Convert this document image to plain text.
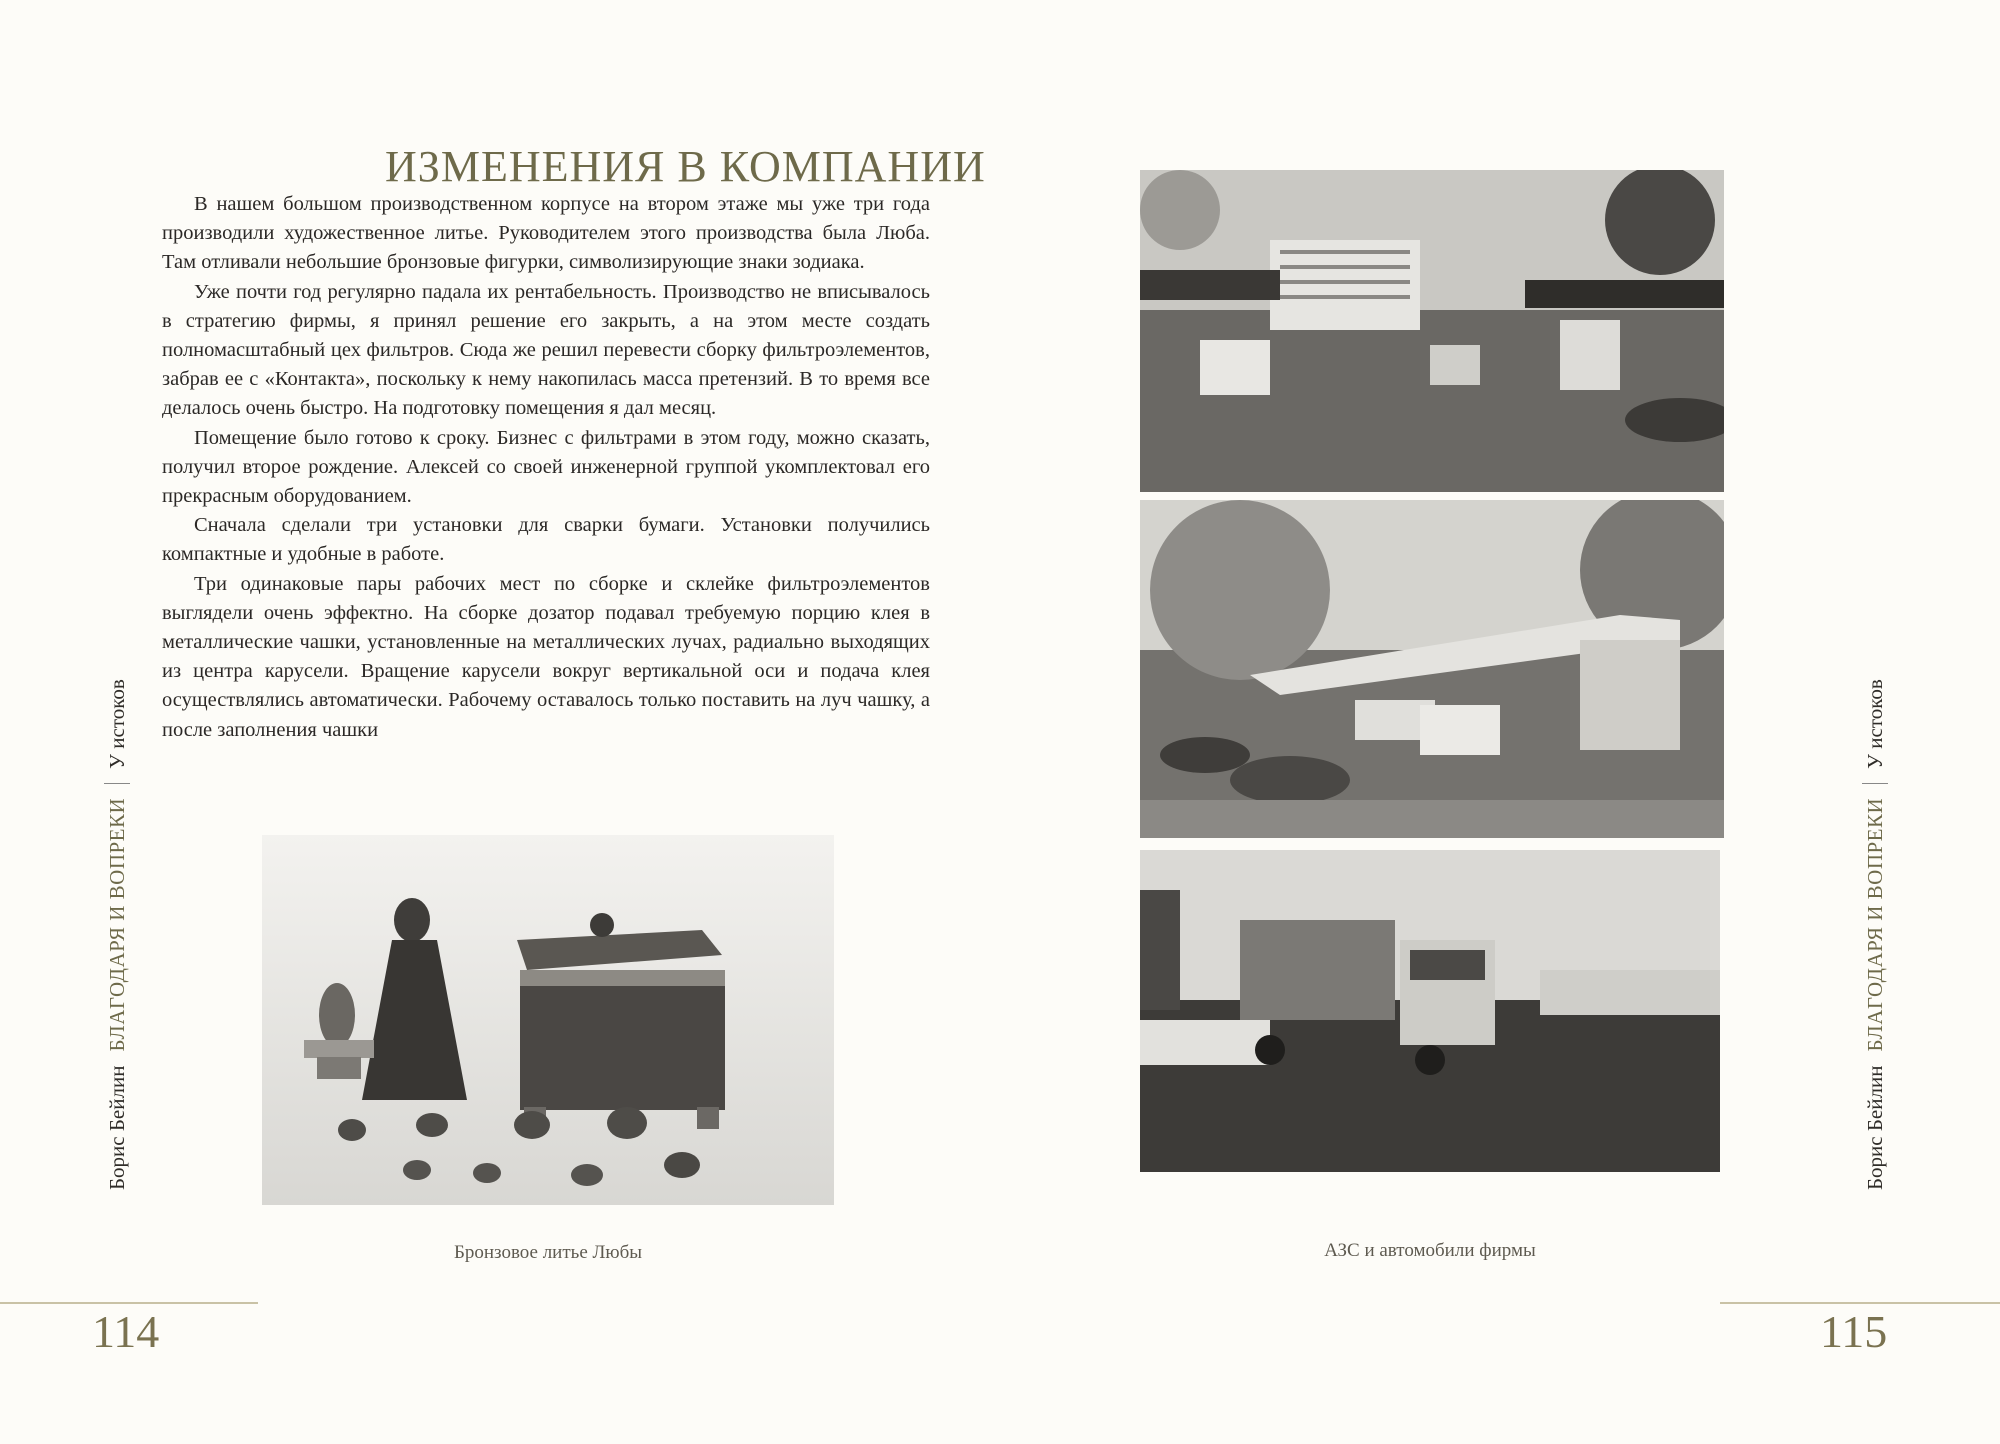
ИЗМЕНЕНИЯ В КОМПАНИИ

В нашем большом производственном корпусе на втором этаже мы уже три года производили художественное литье. Руководителем этого производства была Люба. Там отливали небольшие бронзовые фигурки, символизирующие знаки зодиака.

Уже почти год регулярно падала их рентабельность. Производство не вписывалось в стратегию фирмы, я принял решение его закрыть, а на этом месте создать полномасштабный цех фильтров. Сюда же решил перевести сборку фильтроэлементов, забрав ее с «Контакта», поскольку к нему накопилась масса претензий. В то время все делалось очень быстро. На подготовку помещения я дал месяц.

Помещение было готово к сроку. Бизнес с фильтрами в этом году, можно сказать, получил второе рождение. Алексей со своей инженерной группой укомплектовал его прекрасным оборудованием.

Сначала сделали три установки для сварки бумаги. Установки получились компактные и удобные в работе.

Три одинаковые пары рабочих мест по сборке и склейке фильтроэлементов выглядели очень эффектно. На сборке дозатор подавал требуемую порцию клея в металлические чашки, установленные на металлических лучах, радиально выходящих из центра карусели. Вращение карусели вокруг вертикальной оси и подача клея осуществлялись автоматически. Рабочему оставалось только поставить на луч чашку, а после заполнения чашки

Бронзовое литье Любы
114
Борис Бейлин
БЛАГОДАРЯ И ВОПРЕКИ
У истоков
АЗС и автомобили фирмы
115
Борис Бейлин
БЛАГОДАРЯ И ВОПРЕКИ
У истоков
